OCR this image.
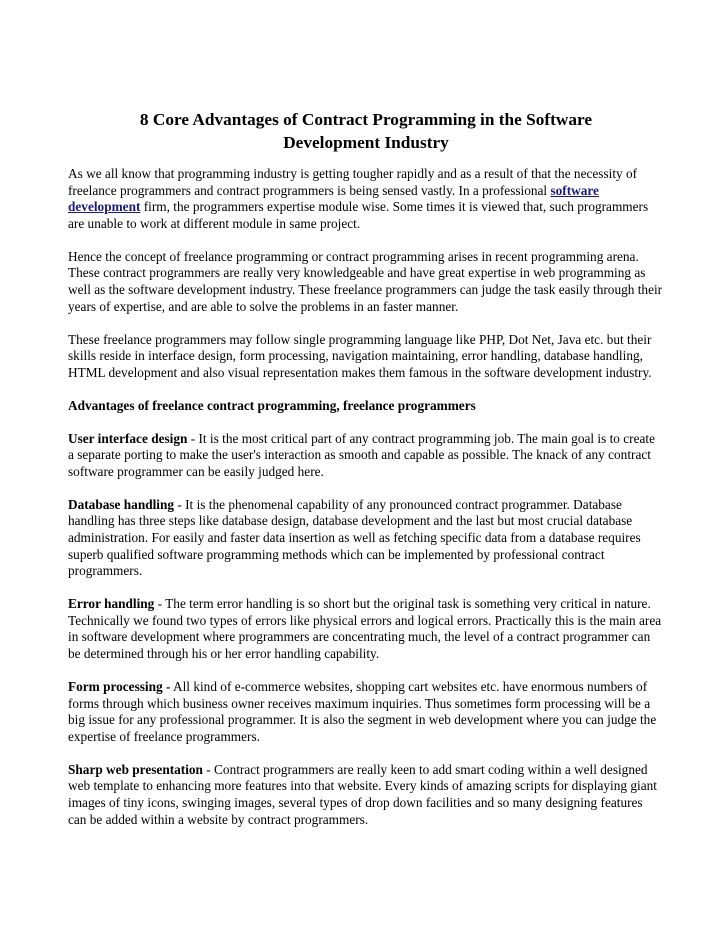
8 Core Advantages of Contract Programming in the Software Development Industry

As we all know that programming industry is getting tougher rapidly and as a result of that the necessity of freelance programmers and contract programmers is being sensed vastly. In a professional software development firm, the programmers expertise module wise. Some times it is viewed that, such programmers are unable to work at different module in same project.

Hence the concept of freelance programming or contract programming arises in recent programming arena. These contract programmers are really very knowledgeable and have great expertise in web programming as well as the software development industry. These freelance programmers can judge the task easily through their years of expertise, and are able to solve the problems in an faster manner.

These freelance programmers may follow single programming language like PHP, Dot Net, Java etc. but their skills reside in interface design, form processing, navigation maintaining, error handling, database handling, HTML development and also visual representation makes them famous in the software development industry.

Advantages of freelance contract programming, freelance programmers

User interface design - It is the most critical part of any contract programming job. The main goal is to create a separate porting to make the user's interaction as smooth and capable as possible. The knack of any contract software programmer can be easily judged here.

Database handling - It is the phenomenal capability of any pronounced contract programmer. Database handling has three steps like database design, database development and the last but most crucial database administration. For easily and faster data insertion as well as fetching specific data from a database requires superb qualified software programming methods which can be implemented by professional contract programmers.

Error handling - The term error handling is so short but the original task is something very critical in nature. Technically we found two types of errors like physical errors and logical errors. Practically this is the main area in software development where programmers are concentrating much, the level of a contract programmer can be determined through his or her error handling capability.

Form processing - All kind of e-commerce websites, shopping cart websites etc. have enormous numbers of forms through which business owner receives maximum inquiries. Thus sometimes form processing will be a big issue for any professional programmer. It is also the segment in web development where you can judge the expertise of freelance programmers.

Sharp web presentation - Contract programmers are really keen to add smart coding within a well designed web template to enhancing more features into that website. Every kinds of amazing scripts for displaying giant images of tiny icons, swinging images, several types of drop down facilities and so many designing features can be added within a website by contract programmers.
